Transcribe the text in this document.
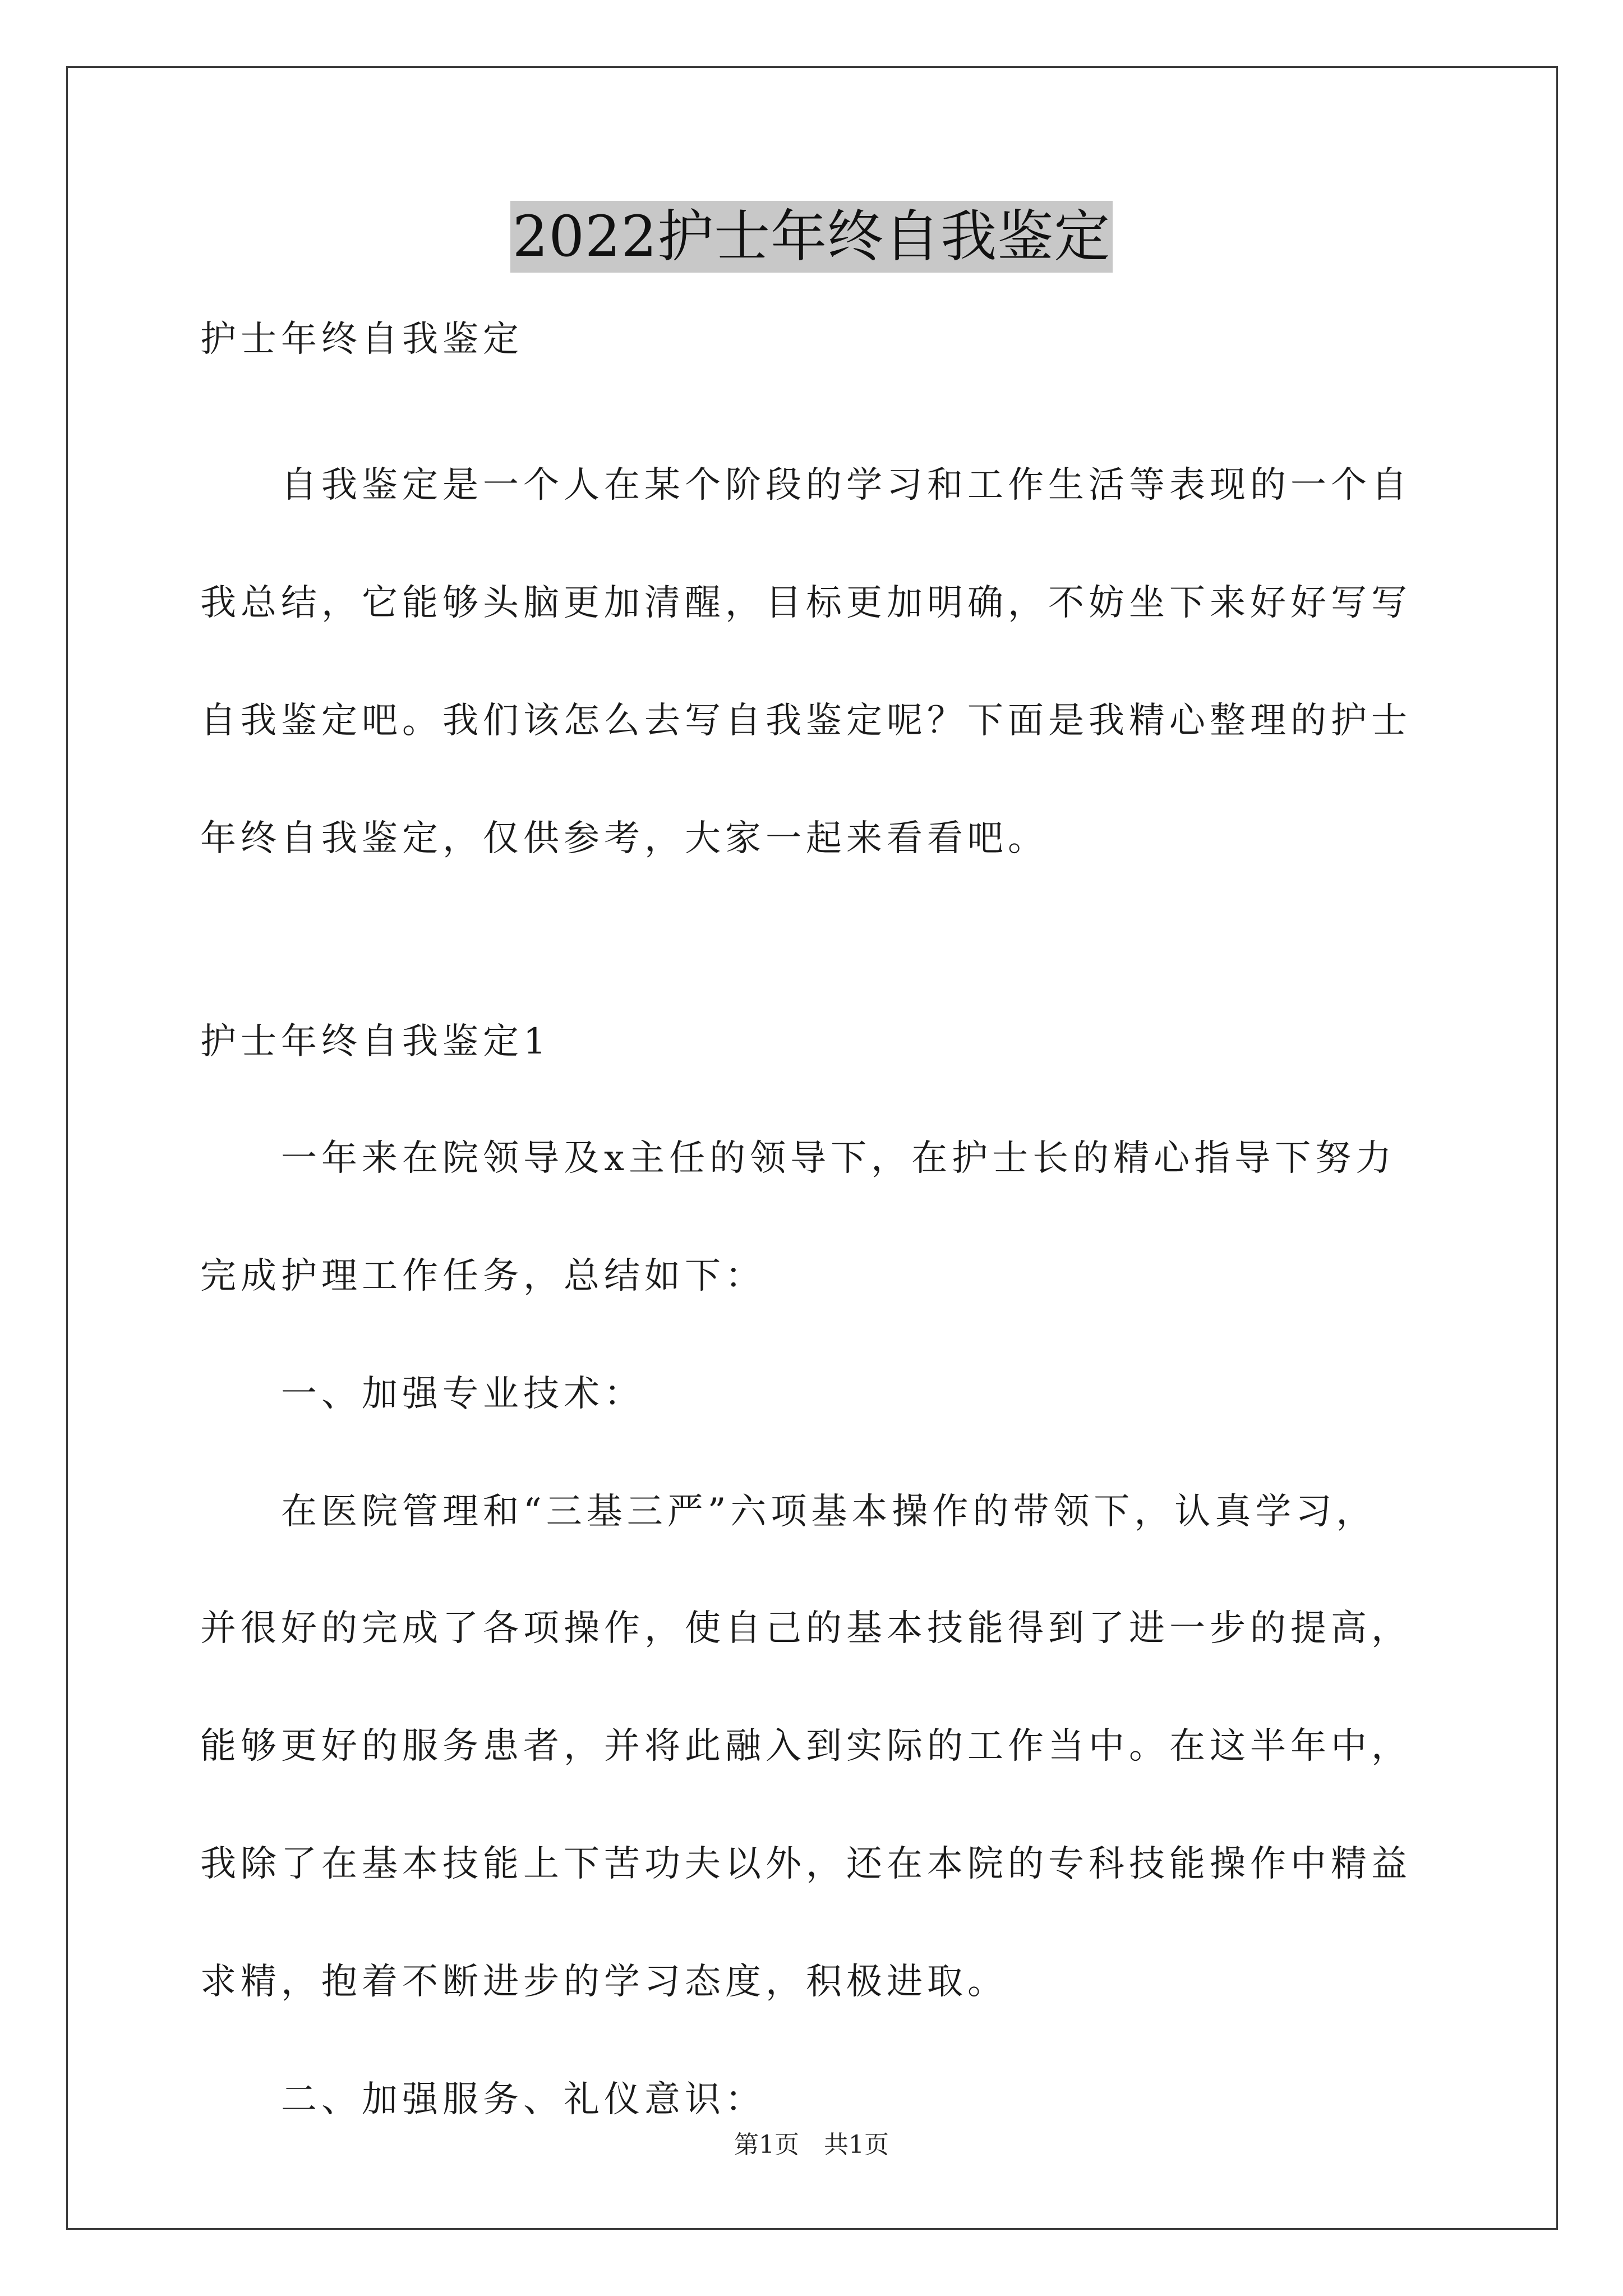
2022护士年终自我鉴定
护士年终自我鉴定
　　自我鉴定是一个人在某个阶段的学习和工作生活等表现的一个自
我总结，它能够头脑更加清醒，目标更加明确，不妨坐下来好好写写
自我鉴定吧。我们该怎么去写自我鉴定呢？下面是我精心整理的护士
年终自我鉴定，仅供参考，大家一起来看看吧。
护士年终自我鉴定1
　　一年来在院领导及x主任的领导下，在护士长的精心指导下努力
完成护理工作任务，总结如下：
　　一、加强专业技术：
　　在医院管理和“三基三严”六项基本操作的带领下，认真学习，
并很好的完成了各项操作，使自己的基本技能得到了进一步的提高，
能够更好的服务患者，并将此融入到实际的工作当中。在这半年中，
我除了在基本技能上下苦功夫以外，还在本院的专科技能操作中精益
求精，抱着不断进步的学习态度，积极进取。
　　二、加强服务、礼仪意识：
第1页　共1页
